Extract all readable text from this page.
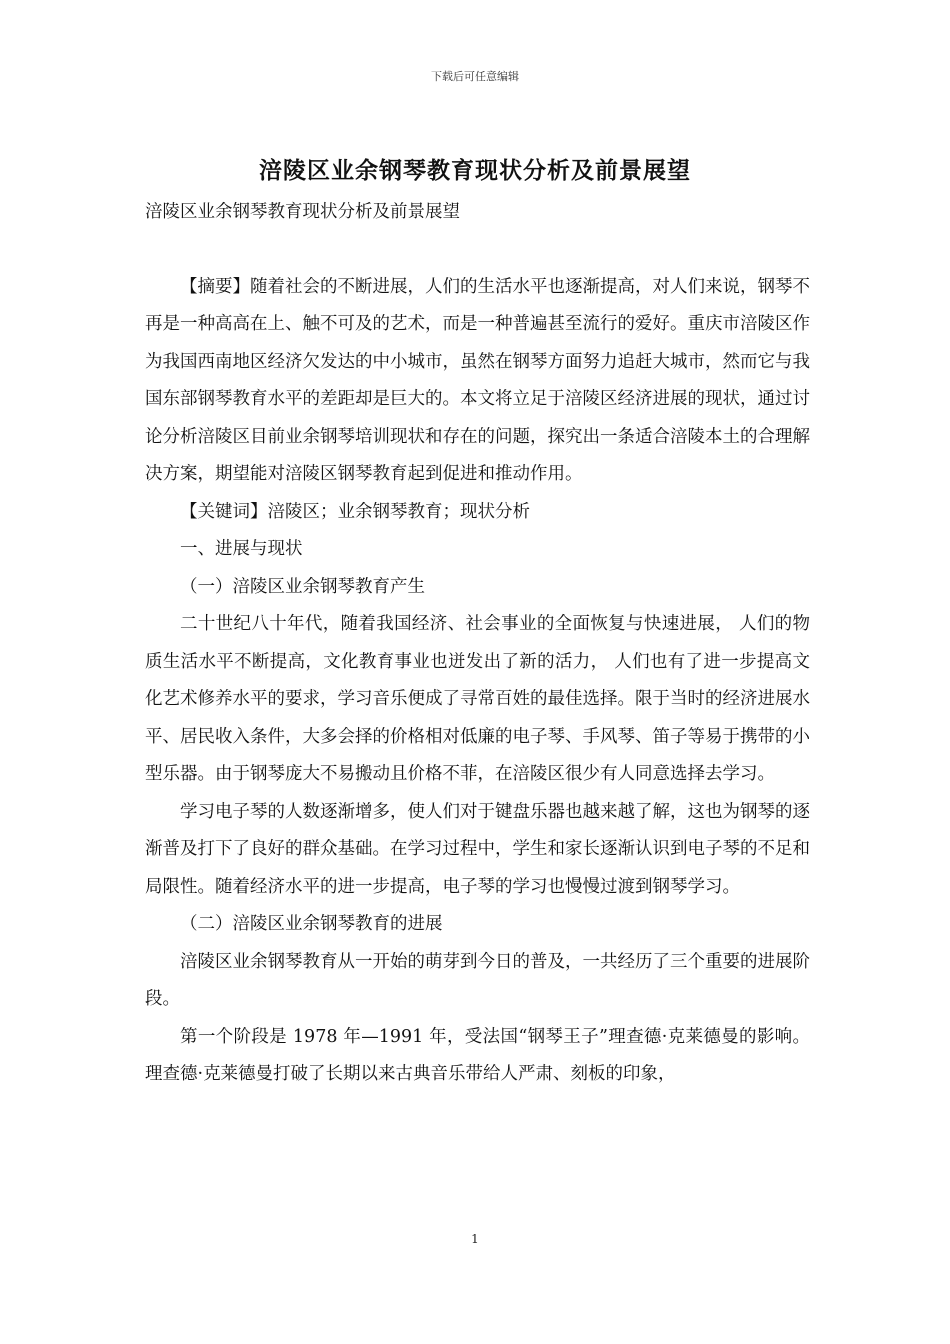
下载后可任意编辑
涪陵区业余钢琴教育现状分析及前景展望

涪陵区业余钢琴教育现状分析及前景展望

【摘要】随着社会的不断进展，人们的生活水平也逐渐提高，对人们来说，钢琴不再是一种高高在上、触不可及的艺术，而是一种普遍甚至流行的爱好。重庆市涪陵区作为我国西南地区经济欠发达的中小城市，虽然在钢琴方面努力追赶大城市，然而它与我国东部钢琴教育水平的差距却是巨大的。本文将立足于涪陵区经济进展的现状，通过讨论分析涪陵区目前业余钢琴培训现状和存在的问题，探究出一条适合涪陵本土的合理解决方案，期望能对涪陵区钢琴教育起到促进和推动作用。

【关键词】涪陵区；业余钢琴教育；现状分析

一、进展与现状

（一）涪陵区业余钢琴教育产生

二十世纪八十年代，随着我国经济、社会事业的全面恢复与快速进展， 人们的物质生活水平不断提高，文化教育事业也迸发出了新的活力， 人们也有了进一步提高文化艺术修养水平的要求，学习音乐便成了寻常百姓的最佳选择。限于当时的经济进展水平、居民收入条件，大多会择的价格相对低廉的电子琴、手风琴、笛子等易于携带的小型乐器。由于钢琴庞大不易搬动且价格不菲，在涪陵区很少有人同意选择去学习。

学习电子琴的人数逐渐增多，使人们对于键盘乐器也越来越了解，这也为钢琴的逐渐普及打下了良好的群众基础。在学习过程中，学生和家长逐渐认识到电子琴的不足和局限性。随着经济水平的进一步提高，电子琴的学习也慢慢过渡到钢琴学习。

（二）涪陵区业余钢琴教育的进展

涪陵区业余钢琴教育从一开始的萌芽到今日的普及，一共经历了三个重要的进展阶段。

第一个阶段是 1978 年—1991 年，受法国“钢琴王子”理查德·克莱德曼的影响。理查德·克莱德曼打破了长期以来古典音乐带给人严肃、刻板的印象，

1
